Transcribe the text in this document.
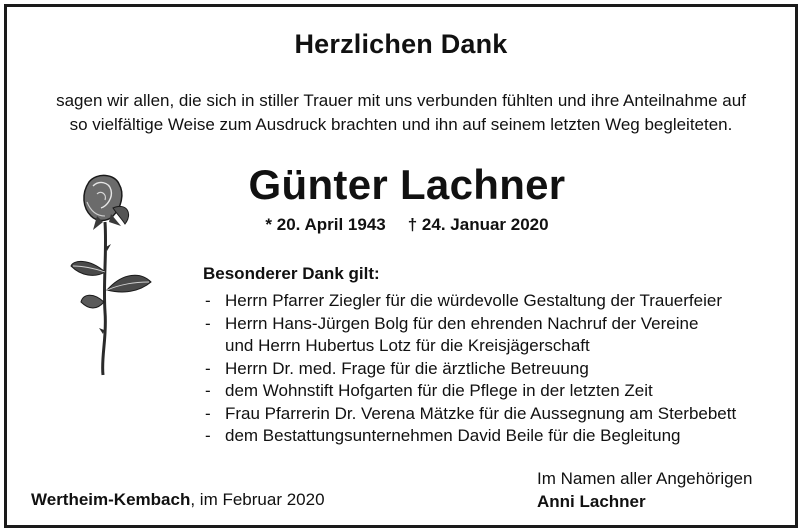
Herzlichen Dank
sagen wir allen, die sich in stiller Trauer mit uns verbunden fühlten und ihre Anteilnahme auf
so vielfältige Weise zum Ausdruck brachten und ihn auf seinem letzten Weg begleiteten.
Günter Lachner
* 20. April 1943 † 24. Januar 2020
Besonderer Dank gilt:
- Herrn Pfarrer Ziegler für die würdevolle Gestaltung der Trauerfeier
- Herrn Hans-Jürgen Bolg für den ehrenden Nachruf der Vereine
und Herrn Hubertus Lotz für die Kreisjägerschaft
- Herrn Dr. med. Frage für die ärztliche Betreuung
- dem Wohnstift Hofgarten für die Pflege in der letzten Zeit
- Frau Pfarrerin Dr. Verena Mätzke für die Aussegnung am Sterbebett
- dem Bestattungsunternehmen David Beile für die Begleitung
Wertheim-Kembach, im Februar 2020
Im Namen aller Angehörigen
Anni Lachner
